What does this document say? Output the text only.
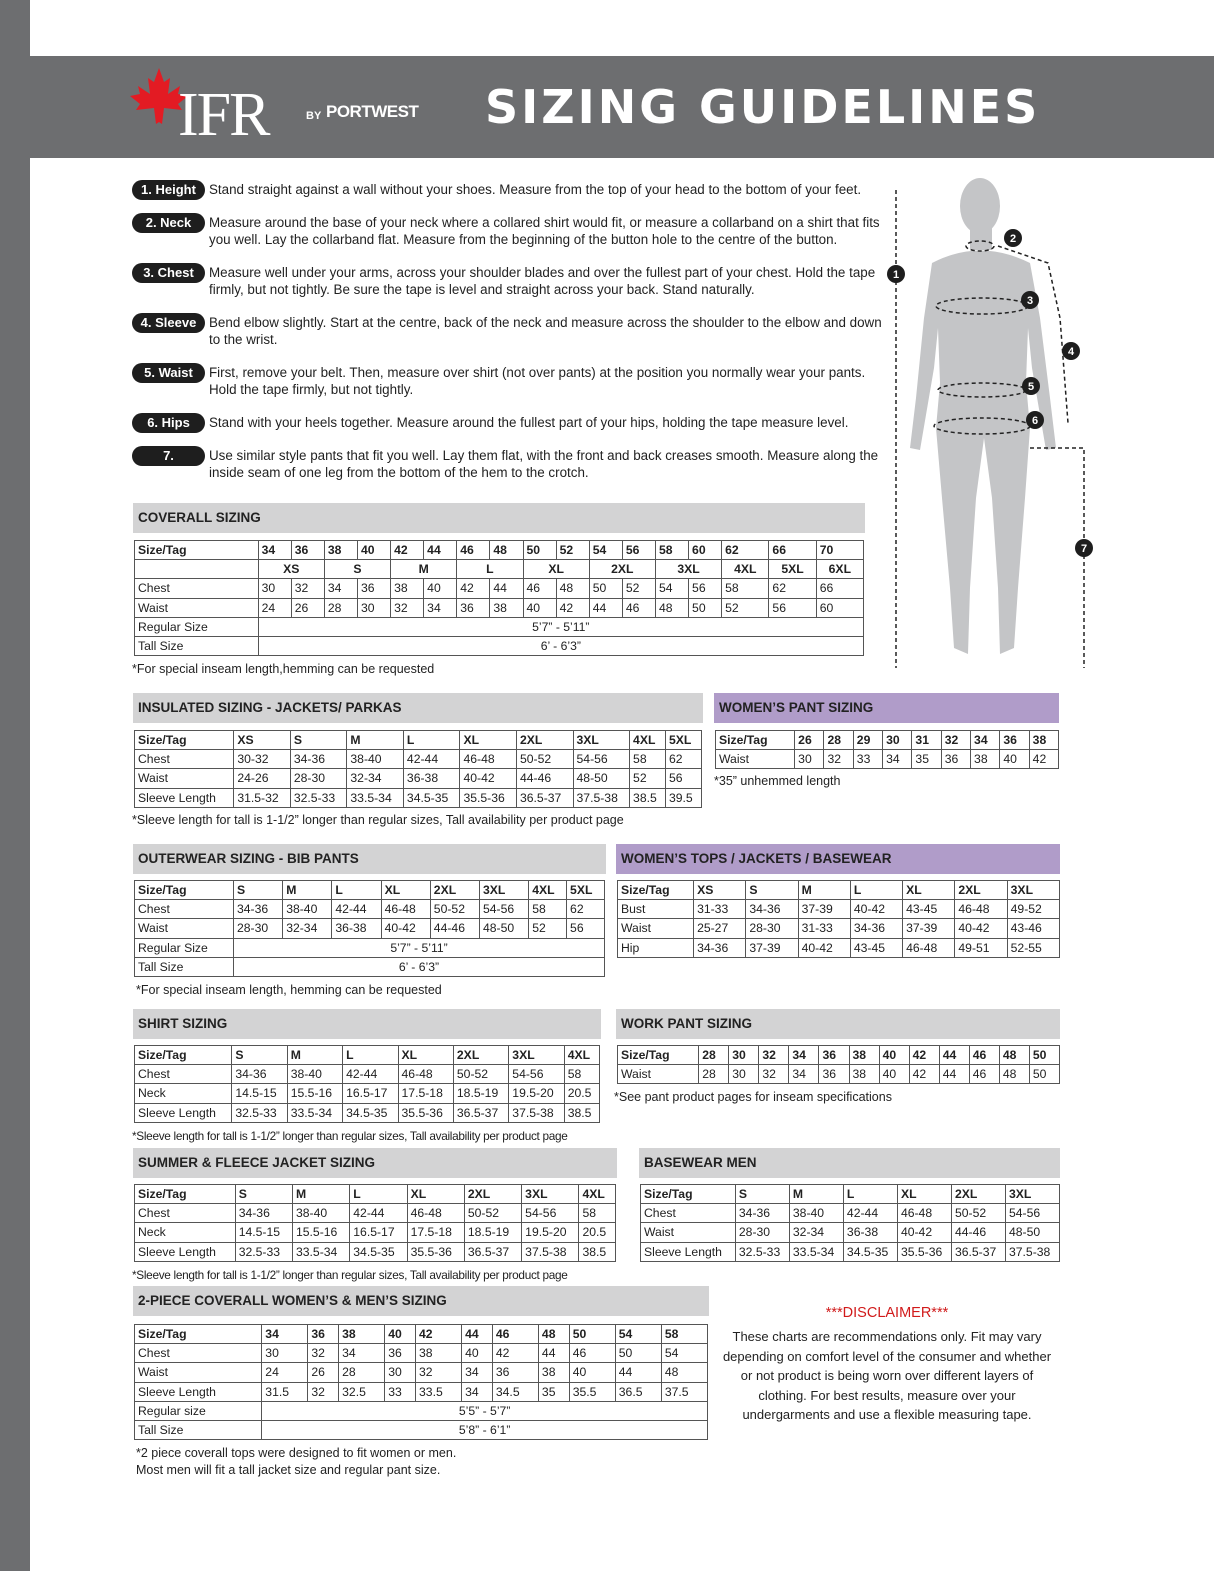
IFR	BY PORTWEST SIZING GUIDELINES
1. Height Stand straight against a wall without your shoes. Measure from the top of your head to the bottom of your feet.
2. Neck	Measure around the base of your neck where a collared shirt would fit, or measure a collarband on a shirt that fits you well. Lay the collarband flat. Measure from the beginning of the button hole to the centre of the button.
3. Chest	Measure well under your arms, across your shoulder blades and over the fullest part of your chest. Hold the tape firmly, but not tightly. Be sure the tape is level and straight across your back. Stand naturally.
4. Sleeve Bend elbow slightly. Start at the centre, back of the neck and measure across the shoulder to the elbow and down to the wrist.
5. Waist	First, remove your belt. Then, measure over shirt (not over pants) at the position you normally wear your pants. Hold the tape firmly, but not tightly.
6. Hips	Stand with your heels together. Measure around the fullest part of your hips, holding the tape measure level.
7. Inseam
Use similar style pants that fit you well. Lay them flat, with the front and back creases smooth. Measure along the inside seam of one leg from the bottom of the hem to the crotch.
1
2
3
4
5
6
7
COVERALL SIZING
Size/Tag	34	36	38	40	42	44	46	48	50	52	54	56	58	60	62	66	70
	XS		S		M		L		XL		2XL		3XL		4XL	5XL	6XL
Chest	30	32	34	36	38	40	42	44	46	48	50	52	54	56	58	62	66
Waist	24	26	28	30	32	34	36	38	40	42	44	46	48	50	52	56	60
Regular Size	5’7” - 5’11”																
Tall Size	6’ - 6’3”																
*For special inseam length,hemming can be requested
INSULATED SIZING - JACKETS/ PARKAS
Size/Tag	XS	S	M	L	XL	2XL	3XL	4XL	5XL
Chest	30-32	34-36	38-40	42-44	46-48	50-52	54-56	58	62
Waist	24-26	28-30	32-34	36-38	40-42	44-46	48-50	52	56
Sleeve Length	31.5-32	32.5-33	33.5-34	34.5-35	35.5-36	36.5-37	37.5-38	38.5	39.5
*Sleeve length for tall is 1-1/2” longer than regular sizes, Tall availability per product page
WOMEN’S PANT SIZING
Size/Tag	26	28	29	30	31	32	34	36	38
Waist	30	32	33	34	35	36	38	40	42
*35” unhemmed length
OUTERWEAR SIZING - BIB PANTS
Size/Tag	S	M	L	XL	2XL	3XL	4XL	5XL
Chest	34-36	38-40	42-44	46-48	50-52	54-56	58	62
Waist	28-30	32-34	36-38	40-42	44-46	48-50	52	56
Regular Size	5’7” - 5’11”							
Tall Size	6’ - 6’3”							
*For special inseam length, hemming can be requested
WOMEN’S TOPS / JACKETS / BASEWEAR
Size/Tag	XS	S	M	L	XL	2XL	3XL
Bust	31-33	34-36	37-39	40-42	43-45	46-48	49-52
Waist	25-27	28-30	31-33	34-36	37-39	40-42	43-46
Hip	34-36	37-39	40-42	43-45	46-48	49-51	52-55
SHIRT SIZING
Size/Tag	S	M	L	XL	2XL	3XL	4XL
Chest	34-36	38-40	42-44	46-48	50-52	54-56	58
Neck	14.5-15	15.5-16	16.5-17	17.5-18	18.5-19	19.5-20	20.5
Sleeve Length	32.5-33	33.5-34	34.5-35	35.5-36	36.5-37	37.5-38	38.5
*Sleeve length for tall is 1-1/2” longer than regular sizes, Tall availability per product page
WORK PANT SIZING
Size/Tag	28	30	32	34	36	38	40	42	44	46	48	50
Waist	28	30	32	34	36	38	40	42	44	46	48	50
*See pant product pages for inseam specifications
SUMMER & FLEECE JACKET SIZING
Size/Tag	S	M	L	XL	2XL	3XL	4XL
Chest	34-36	38-40	42-44	46-48	50-52	54-56	58
Neck	14.5-15	15.5-16	16.5-17	17.5-18	18.5-19	19.5-20	20.5
Sleeve Length	32.5-33	33.5-34	34.5-35	35.5-36	36.5-37	37.5-38	38.5
*Sleeve length for tall is 1-1/2” longer than regular sizes, Tall availability per product page
BASEWEAR MEN
Size/Tag	S	M	L	XL	2XL	3XL
Chest	34-36	38-40	42-44	46-48	50-52	54-56
Waist	28-30	32-34	36-38	40-42	44-46	48-50
Sleeve Length	32.5-33	33.5-34	34.5-35	35.5-36	36.5-37	37.5-38
2-PIECE COVERALL WOMEN’S & MEN’S SIZING
Size/Tag	34	36	38	40	42	44	46	48	50	54	58
Chest	30	32	34	36	38	40	42	44	46	50	54
Waist	24	26	28	30	32	34	36	38	40	44	48
Sleeve Length	31.5	32	32.5	33	33.5	34	34.5	35	35.5	36.5	37.5
Regular size	5’5” - 5’7”										
Tall Size	5’8” - 6’1”										
*2 piece coverall tops were designed to fit women or men.
Most men will fit a tall jacket size and regular pant size.
***DISCLAIMER***
These charts are recommendations only. Fit may vary depending on comfort level of the consumer and whether or not product is being worn over different layers of clothing. For best results, measure over your undergarments and use a flexible measuring tape.
